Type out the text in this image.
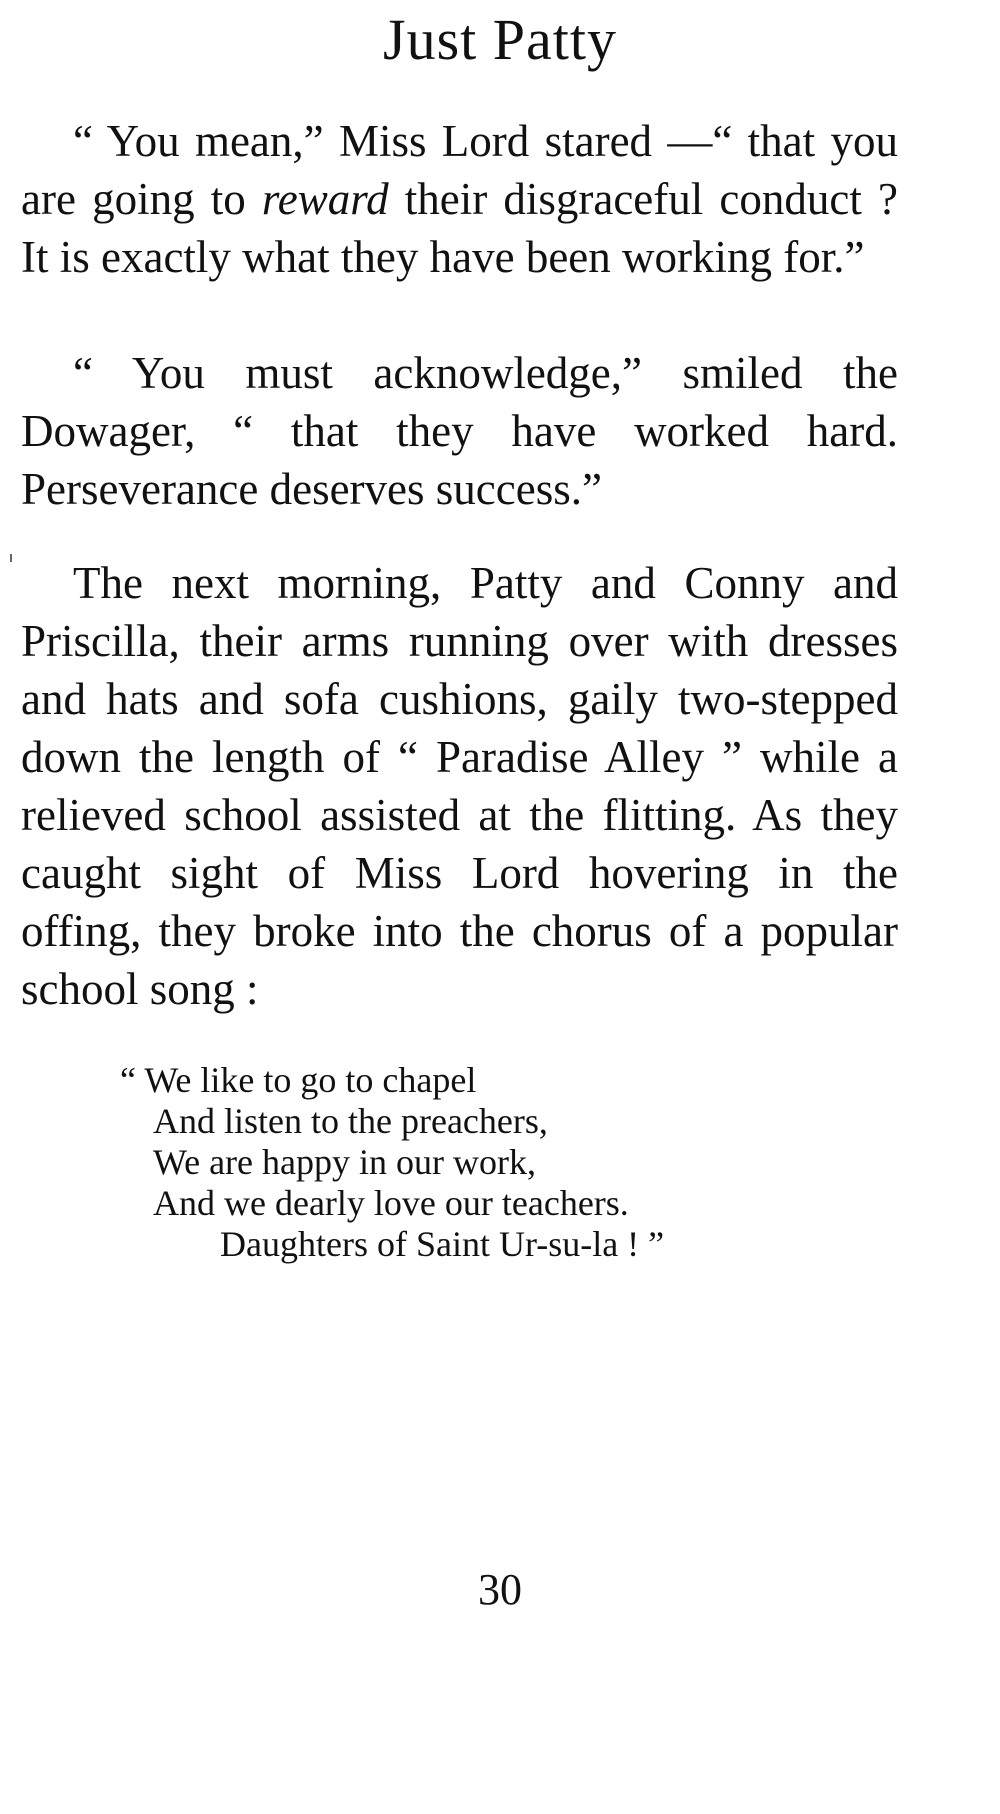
Just Patty

“ You mean,” Miss Lord stared —“ that you are going to reward their disgraceful conduct ? It is exactly what they have been working for.”

“ You must acknowledge,” smiled the Dowager, “ that they have worked hard. Perseverance deserves success.”

The next morning, Patty and Conny and Priscilla, their arms running over with dresses and hats and sofa cushions, gaily two-stepped down the length of “ Paradise Alley ” while a relieved school assisted at the flitting. As they caught sight of Miss Lord hovering in the offing, they broke into the chorus of a popular school song :

“ We like to go to chapel
And listen to the preachers,
We are happy in our work,
And we dearly love our teachers.
Daughters of Saint Ur-su-la ! ”

30
